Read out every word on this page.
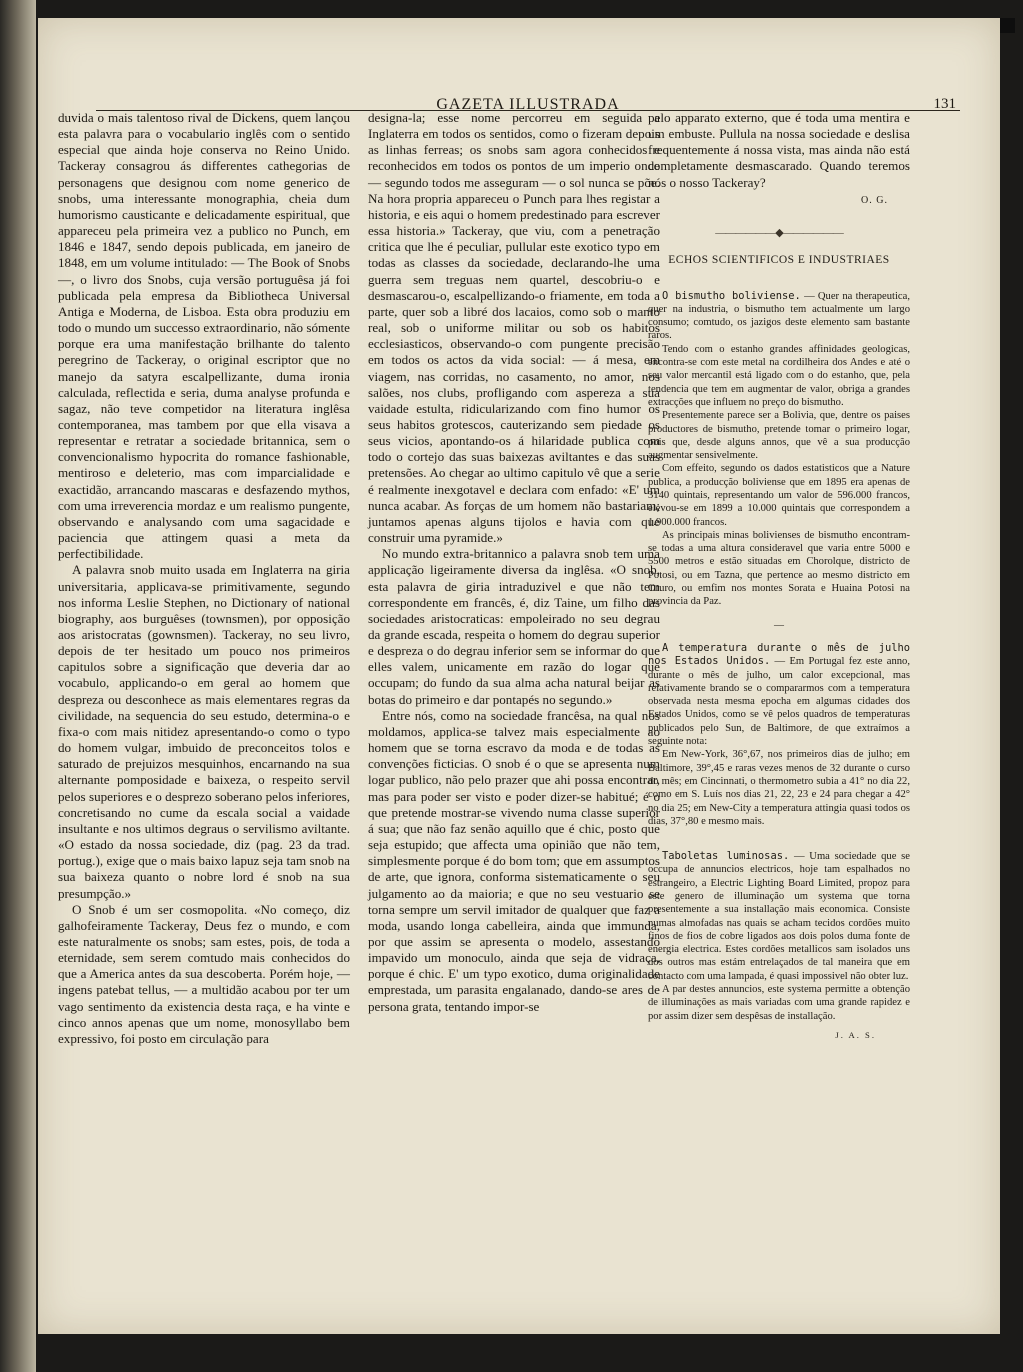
GAZETA ILLUSTRADA	131

duvida o mais talentoso rival de Dickens, quem lançou esta palavra para o vocabulario inglês com o sentido especial que ainda hoje conserva no Reino Unido. Tackeray consagrou ás differentes cathegorias de personagens que designou com nome generico de snobs, uma interessante monographia, cheia dum humorismo causticante e delicadamente espiritual, que appareceu pela primeira vez a publico no Punch, em 1846 e 1847, sendo depois publicada, em janeiro de 1848, em um volume intitulado: — The Book of Snobs —, o livro dos Snobs, cuja versão portuguêsa já foi publicada pela empresa da Bibliotheca Universal Antiga e Moderna, de Lisboa. Esta obra produziu em todo o mundo um successo extraordinario, não sómente porque era uma manifestação brilhante do talento peregrino de Tackeray, o original escriptor que no manejo da satyra escalpellizante, duma ironia calculada, reflectida e seria, duma analyse profunda e sagaz, não teve competidor na literatura inglêsa contemporanea, mas tambem por que ella visava a representar e retratar a sociedade britannica, sem o convencionalismo hypocrita do romance fashionable, mentiroso e deleterio, mas com imparcialidade e exactidão, arrancando mascaras e desfazendo mythos, com uma irreverencia mordaz e um realismo pungente, observando e analysando com uma sagacidade e paciencia que attingem quasi a meta da perfectibilidade.

A palavra snob muito usada em Inglaterra na giria universitaria, applicava-se primitivamente, segundo nos informa Leslie Stephen, no Dictionary of national biography, aos burguêses (townsmen), por opposição aos aristocratas (gownsmen). Tackeray, no seu livro, depois de ter hesitado um pouco nos primeiros capitulos sobre a significação que deveria dar ao vocabulo, applicando-o em geral ao homem que despreza ou desconhece as mais elementares regras da civilidade, na sequencia do seu estudo, determina-o e fixa-o com mais nitidez apresentando-o como o typo do homem vulgar, imbuido de preconceitos tolos e saturado de prejuizos mesquinhos, encarnando na sua alternante pomposidade e baixeza, o respeito servil pelos superiores e o desprezo soberano pelos inferiores, concretisando no cume da escala social a vaidade insultante e nos ultimos degraus o servilismo aviltante. «O estado da nossa sociedade, diz (pag. 23 da trad. portug.), exige que o mais baixo lapuz seja tam snob na sua baixeza quanto o nobre lord é snob na sua presumpção.»

O Snob é um ser cosmopolita. «No começo, diz galhofeiramente Tackeray, Deus fez o mundo, e com este naturalmente os snobs; sam estes, pois, de toda a eternidade, sem serem comtudo mais conhecidos do que a America antes da sua descoberta. Porém hoje, — ingens patebat tellus, — a multidão acabou por ter um vago sentimento da existencia desta raça, e ha vinte e cinco annos apenas que um nome, monosyllabo bem expressivo, foi posto em circulação para

designa-la; esse nome percorreu em seguida a Inglaterra em todos os sentidos, como o fizeram depois as linhas ferreas; os snobs sam agora conhecidos e reconhecidos em todos os pontos de um imperio onde — segundo todos me asseguram — o sol nunca se põe. Na hora propria appareceu o Punch para lhes registar a historia, e eis aqui o homem predestinado para escrever essa historia.» Tackeray, que viu, com a penetração critica que lhe é peculiar, pullular este exotico typo em todas as classes da sociedade, declarando-lhe uma guerra sem treguas nem quartel, descobriu-o e desmascarou-o, escalpellizando-o friamente, em toda a parte, quer sob a libré dos lacaios, como sob o manto real, sob o uniforme militar ou sob os habitos ecclesiasticos, observando-o com pungente precisão em todos os actos da vida social: — á mesa, em viagem, nas corridas, no casamento, no amor, nos salões, nos clubs, profligando com aspereza a sua vaidade estulta, ridicularizando com fino humor os seus habitos grotescos, cauterizando sem piedade os seus vicios, apontando-os á hilaridade publica com todo o cortejo das suas baixezas aviltantes e das suas pretensões. Ao chegar ao ultimo capitulo vê que a serie é realmente inexgotavel e declara com enfado: «E' um nunca acabar. As forças de um homem não bastariam; juntamos apenas alguns tijolos e havia com que construir uma pyramide.»

No mundo extra-britannico a palavra snob tem uma applicação ligeiramente diversa da inglêsa. «O snob, esta palavra de giria intraduzivel e que não tem correspondente em francês, é, diz Taine, um filho das sociedades aristocraticas: empoleirado no seu degrau da grande escada, respeita o homem do degrau superior e despreza o do degrau inferior sem se informar do que elles valem, unicamente em razão do logar que occupam; do fundo da sua alma acha natural beijar as botas do primeiro e dar pontapés no segundo.»

Entre nós, como na sociedade francêsa, na qual nos moldamos, applica-se talvez mais especialmente ao homem que se torna escravo da moda e de todas as convenções ficticias. O snob é o que se apresenta num logar publico, não pelo prazer que ahi possa encontrar, mas para poder ser visto e poder dizer-se habitué; é o que pretende mostrar-se vivendo numa classe superior á sua; que não faz senão aquillo que é chic, posto que seja estupido; que affecta uma opinião que não tem, simplesmente porque é do bom tom; que em assumptos de arte, que ignora, conforma sistematicamente o seu julgamento ao da maioria; e que no seu vestuario se torna sempre um servil imitador de qualquer que faz a moda, usando longa cabelleira, ainda que immunda, por que assim se apresenta o modelo, assestando impavido um monoculo, ainda que seja de vidraça, porque é chic. E' um typo exotico, duma originalidade emprestada, um parasita engalanado, dando-se ares de persona grata, tentando impor-se

pelo apparato externo, que é toda uma mentira e um embuste. Pullula na nossa sociedade e deslisa frequentemente á nossa vista, mas ainda não está completamente desmascarado. Quando teremos nós o nosso Tackeray?

O. G.
——————◆——————
ECHOS SCIENTIFICOS E INDUSTRIAES

O bismutho boliviense. — Quer na therapeutica, quer na industria, o bismutho tem actualmente um largo consumo; comtudo, os jazigos deste elemento sam bastante raros.

Tendo com o estanho grandes affinidades geologicas, encontra-se com este metal na cordilheira dos Andes e até o seu valor mercantil está ligado com o do estanho, que, pela tendencia que tem em augmentar de valor, obriga a grandes extracções que influem no preço do bismutho.

Presentemente parece ser a Bolivia, que, dentre os paises productores de bismutho, pretende tomar o primeiro logar, pois que, desde alguns annos, que vê a sua producção augmentar sensivelmente.

Com effeito, segundo os dados estatisticos que a Nature publica, a producção boliviense que em 1895 era apenas de 3140 quintais, representando um valor de 596.000 francos, elevou-se em 1899 a 10.000 quintais que correspondem a 1.900.000 francos.

As principais minas bolivienses de bismutho encontram-se todas a uma altura consideravel que varia entre 5000 e 5500 metros e estão situadas em Chorolque, districto de Potosi, ou em Tazna, que pertence ao mesmo districto em Oruro, ou emfim nos montes Sorata e Huaina Potosi na provincia da Paz.

—

A temperatura durante o mês de julho nos Estados Unidos. — Em Portugal fez este anno, durante o mês de julho, um calor excepcional, mas relativamente brando se o compararmos com a temperatura observada nesta mesma epocha em algumas cidades dos Estados Unidos, como se vê pelos quadros de temperaturas publicados pelo Sun, de Baltimore, de que extraímos a seguinte nota:

Em New-York, 36°,67, nos primeiros dias de julho; em Baltimore, 39°,45 e raras vezes menos de 32 durante o curso do mês; em Cincinnati, o thermometro subia a 41° no dia 22, como em S. Luís nos dias 21, 22, 23 e 24 para chegar a 42° no dia 25; em New-City a temperatura attingia quasi todos os dias, 37°,80 e mesmo mais.

Taboletas luminosas. — Uma sociedade que se occupa de annuncios electricos, hoje tam espalhados no estrangeiro, a Electric Lighting Board Limited, propoz para este genero de illuminação um systema que torna presentemente a sua installação mais economica. Consiste numas almofadas nas quais se acham tecidos cordões muito finos de fios de cobre ligados aos dois polos duma fonte de energia electrica. Estes cordões metallicos sam isolados uns dos outros mas estám entrelaçados de tal maneira que em contacto com uma lampada, é quasi impossivel não obter luz.

A par destes annuncios, este systema permitte a obtenção de illuminações as mais variadas com uma grande rapidez e por assim dizer sem despêsas de installação.

J. A. S.
